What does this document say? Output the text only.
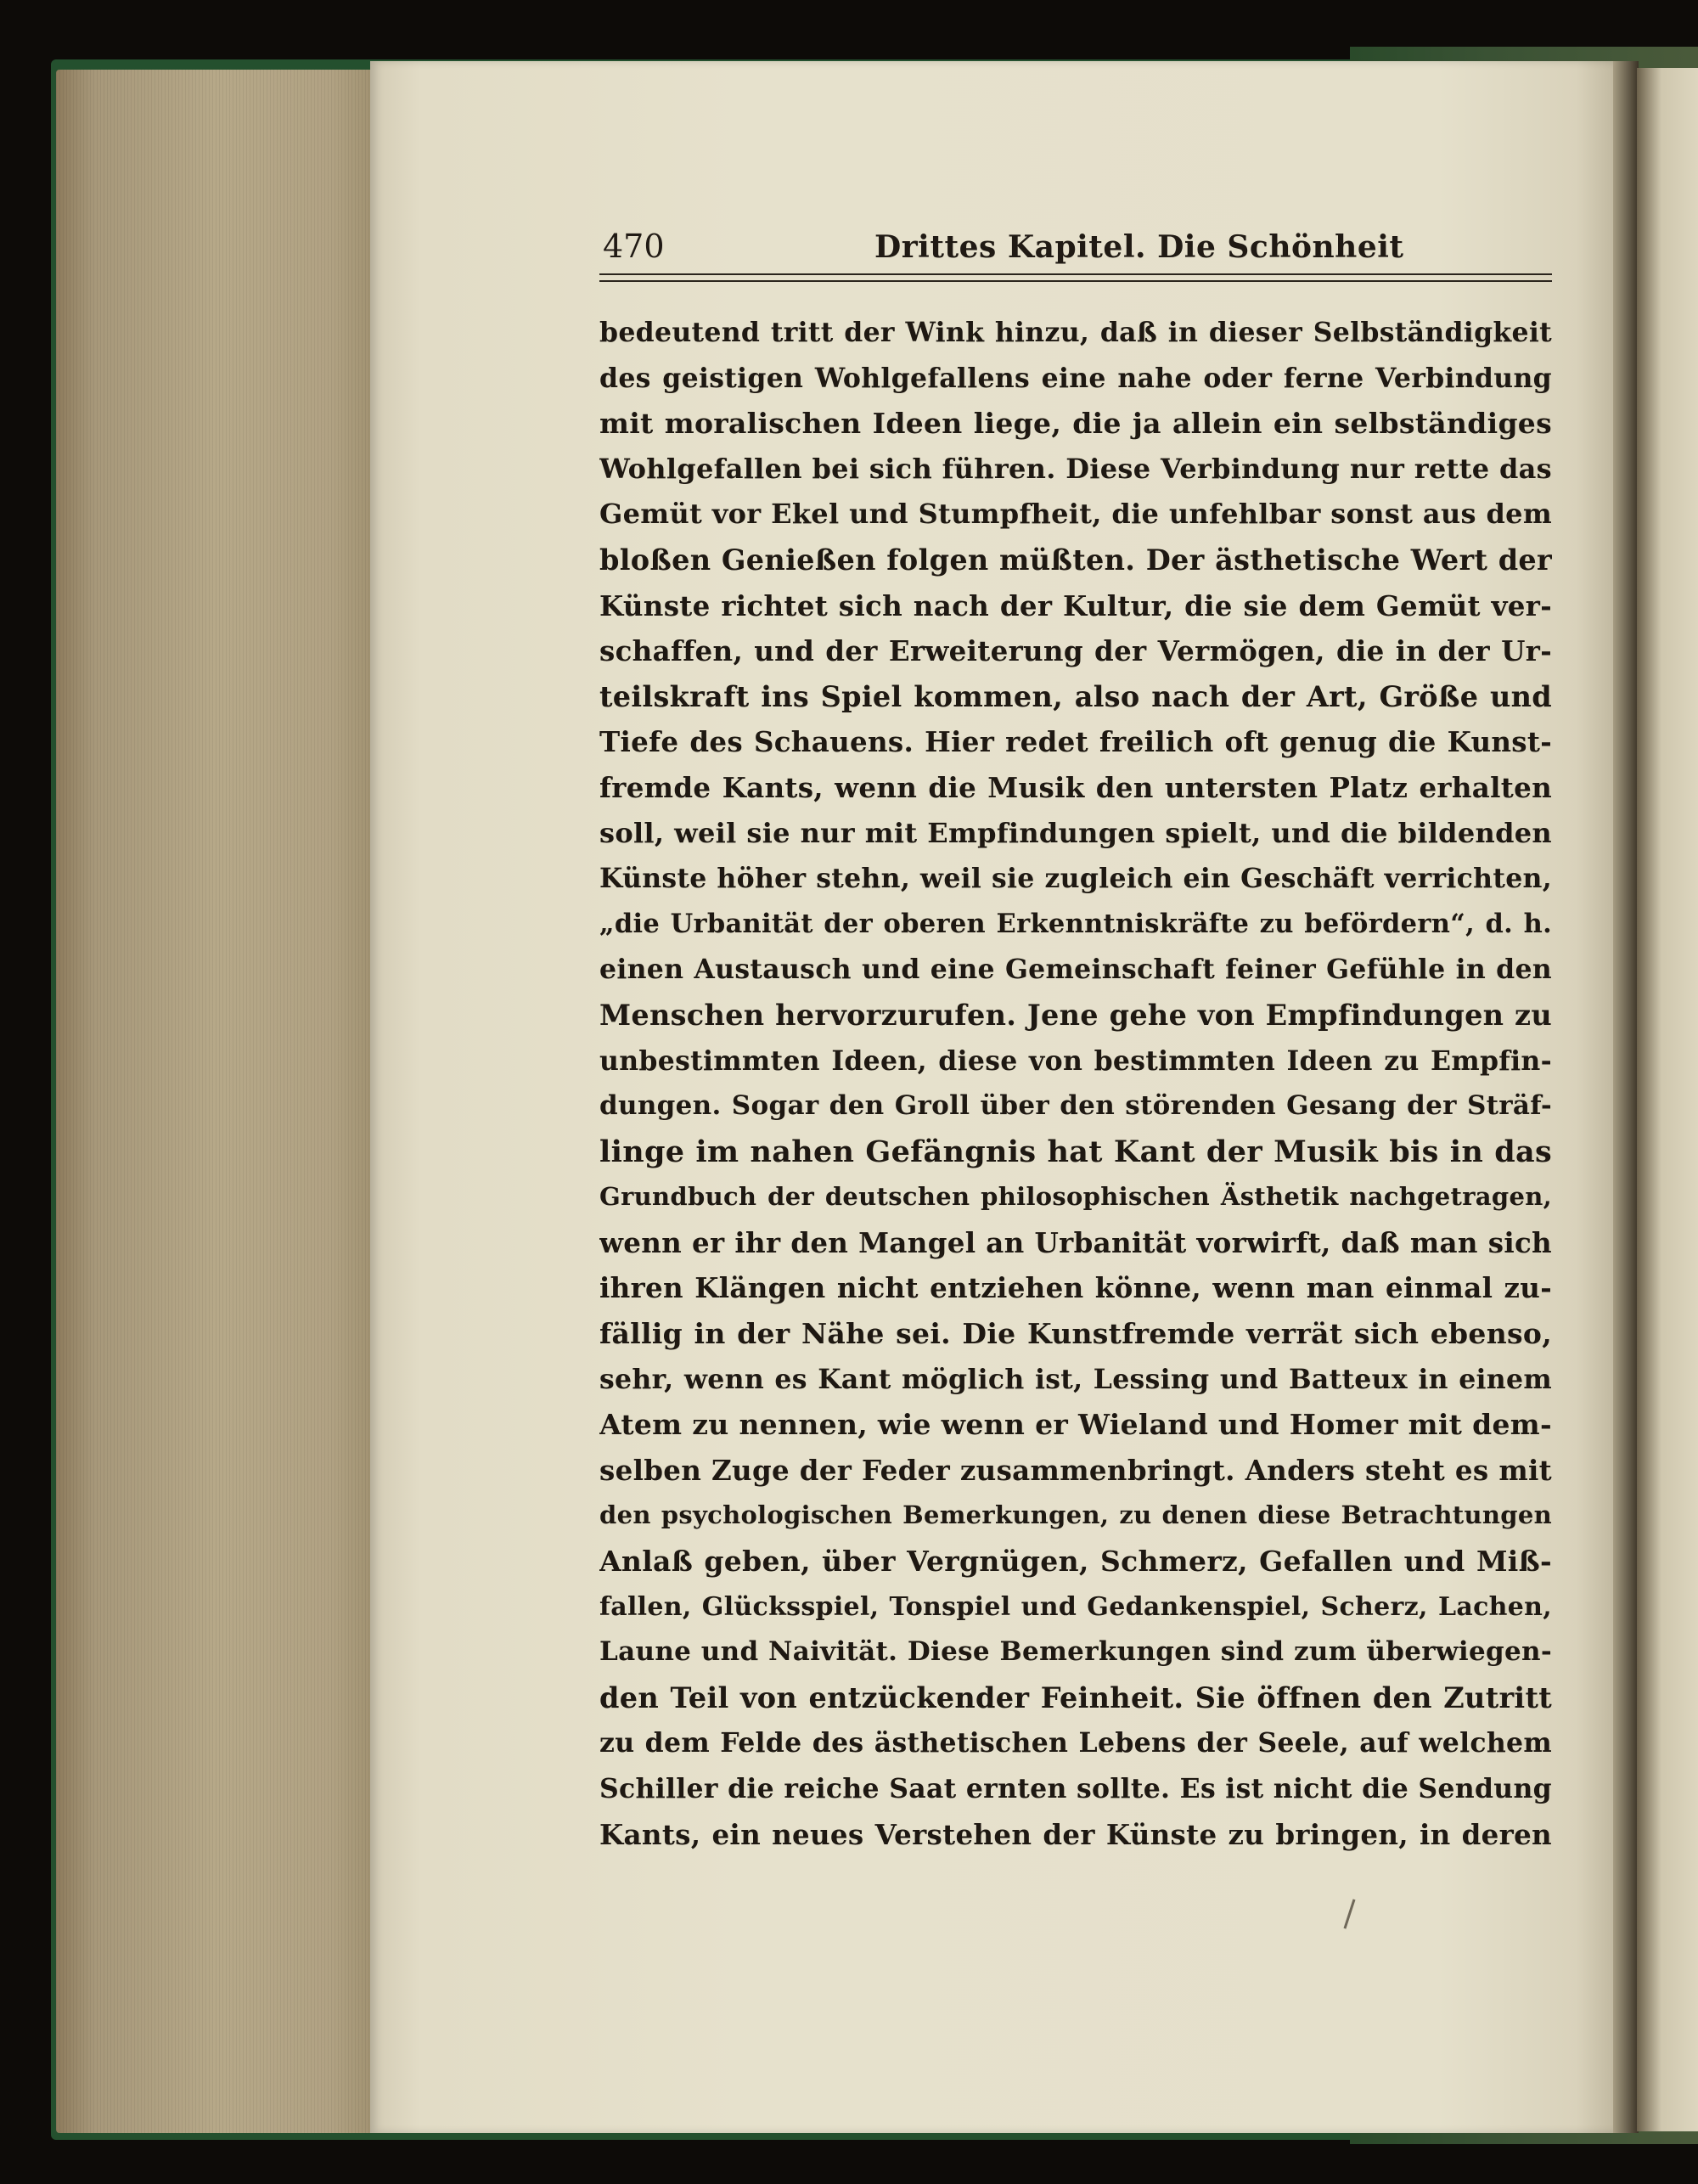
470	Drittes Kapitel. Die Schönheit
bedeutend tritt der Wink hinzu, daß in dieser Selbständigkeit
des geistigen Wohlgefallens eine nahe oder ferne Verbindung
mit moralischen Ideen liege, die ja allein ein selbständiges
Wohlgefallen bei sich führen. Diese Verbindung nur rette das
Gemüt vor Ekel und Stumpfheit, die unfehlbar sonst aus dem
bloßen Genießen folgen müßten. Der ästhetische Wert der
Künste richtet sich nach der Kultur, die sie dem Gemüt ver-
schaffen, und der Erweiterung der Vermögen, die in der Ur-
teilskraft ins Spiel kommen, also nach der Art, Größe und
Tiefe des Schauens. Hier redet freilich oft genug die Kunst-
fremde Kants, wenn die Musik den untersten Platz erhalten
soll, weil sie nur mit Empfindungen spielt, und die bildenden
Künste höher stehn, weil sie zugleich ein Geschäft verrichten,
„die Urbanität der oberen Erkenntniskräfte zu befördern“, d. h.
einen Austausch und eine Gemeinschaft feiner Gefühle in den
Menschen hervorzurufen. Jene gehe von Empfindungen zu
unbestimmten Ideen, diese von bestimmten Ideen zu Empfin-
dungen. Sogar den Groll über den störenden Gesang der Sträf-
linge im nahen Gefängnis hat Kant der Musik bis in das
Grundbuch der deutschen philosophischen Ästhetik nachgetragen,
wenn er ihr den Mangel an Urbanität vorwirft, daß man sich
ihren Klängen nicht entziehen könne, wenn man einmal zu-
fällig in der Nähe sei. Die Kunstfremde verrät sich ebenso,
sehr, wenn es Kant möglich ist, Lessing und Batteux in einem
Atem zu nennen, wie wenn er Wieland und Homer mit dem-
selben Zuge der Feder zusammenbringt. Anders steht es mit
den psychologischen Bemerkungen, zu denen diese Betrachtungen
Anlaß geben, über Vergnügen, Schmerz, Gefallen und Miß-
fallen, Glücksspiel, Tonspiel und Gedankenspiel, Scherz, Lachen,
Laune und Naivität. Diese Bemerkungen sind zum überwiegen-
den Teil von entzückender Feinheit. Sie öffnen den Zutritt
zu dem Felde des ästhetischen Lebens der Seele, auf welchem
Schiller die reiche Saat ernten sollte. Es ist nicht die Sendung
Kants, ein neues Verstehen der Künste zu bringen, in deren
